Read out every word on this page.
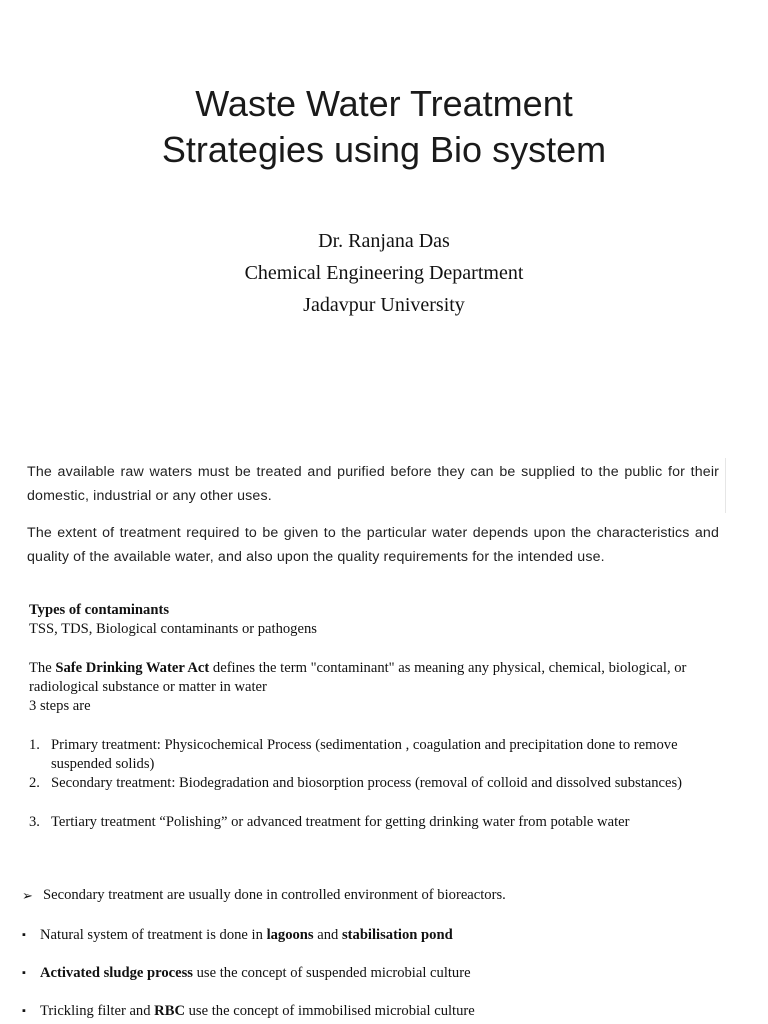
Waste Water Treatment
Strategies using Bio system
Dr. Ranjana Das
Chemical Engineering Department
Jadavpur University
The available raw waters must be treated and purified before they can be supplied to the public for their domestic, industrial or any other uses.
The extent of treatment required to be given to the particular water depends upon the characteristics and quality of the available water, and also upon the quality requirements for the intended use.
Types of contaminants
TSS, TDS, Biological contaminants or pathogens
The Safe Drinking Water Act defines the term "contaminant" as meaning any physical, chemical, biological, or radiological substance or matter in water
3 steps are
1. Primary treatment: Physicochemical Process (sedimentation , coagulation and precipitation done to remove suspended solids)
2. Secondary treatment: Biodegradation and biosorption process (removal of colloid and dissolved substances)
3. Tertiary treatment “Polishing” or advanced treatment for getting drinking water from potable water
➢ Secondary treatment are usually done in controlled environment of bioreactors.
▪ Natural system of treatment is done in lagoons and stabilisation pond
▪ Activated sludge process use the concept of suspended microbial culture
▪ Trickling filter and RBC use the concept of immobilised microbial culture
